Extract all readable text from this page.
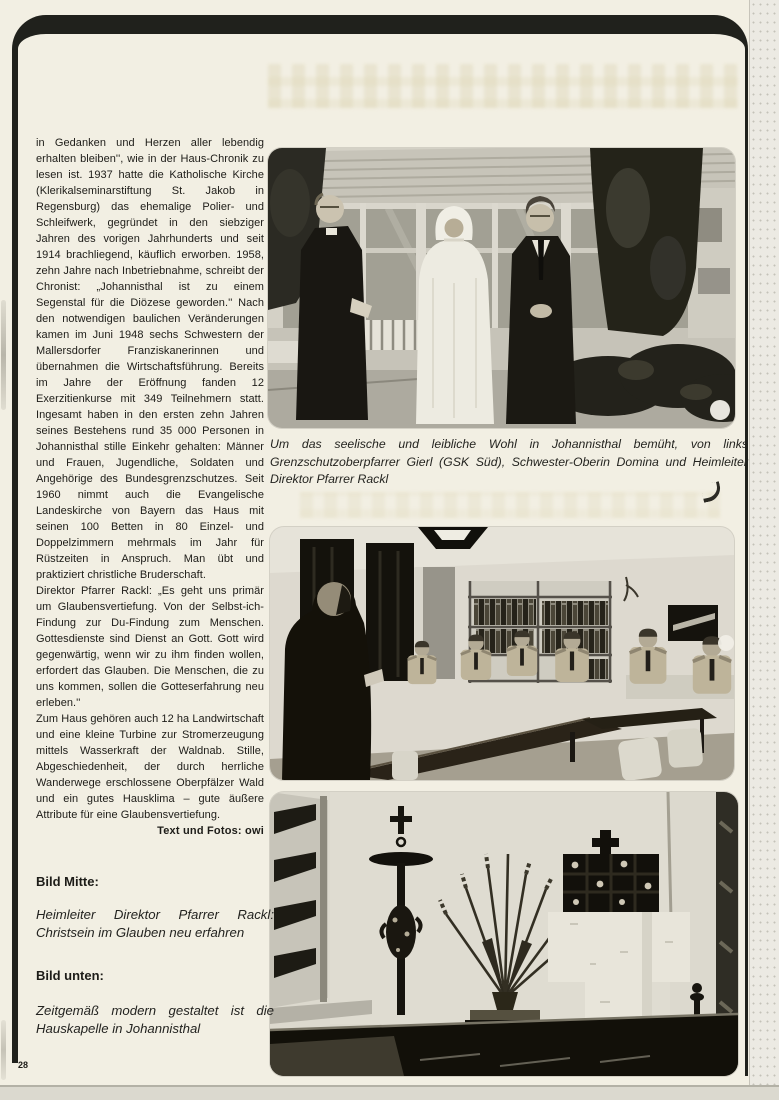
in Gedanken und Herzen aller lebendig erhalten bleiben'', wie in der Haus-Chronik zu lesen ist. 1937 hatte die Katholische Kirche (Klerikalseminarstiftung St. Jakob in Regensburg) das ehemalige Polier- und Schleifwerk, gegründet in den siebziger Jahren des vorigen Jahrhunderts und seit 1914 brachliegend, käuflich erworben. 1958, zehn Jahre nach Inbetriebnahme, schreibt der Chronist: „Johannisthal ist zu einem Segenstal für die Diözese geworden.'' Nach den notwendigen baulichen Veränderungen kamen im Juni 1948 sechs Schwestern der Mallersdorfer Franziskanerinnen und übernahmen die Wirtschaftsführung. Bereits im Jahre der Eröffnung fanden 12 Exerzitienkurse mit 349 Teilnehmern statt. Ingesamt haben in den ersten zehn Jahren seines Bestehens rund 35 000 Personen in Johannisthal stille Einkehr gehalten: Männer und Frauen, Jugendliche, Soldaten und Angehörige des Bundesgrenzschutzes. Seit 1960 nimmt auch die Evangelische Landeskirche von Bayern das Haus mit seinen 100 Betten in 80 Einzel- und Doppelzimmern mehrmals im Jahr für Rüstzeiten in Anspruch. Man übt und praktiziert christliche Bruderschaft.

Direktor Pfarrer Rackl: „Es geht uns primär um Glaubensvertiefung. Von der Selbst-ich-Findung zur Du-Findung zum Menschen. Gottesdienste sind Dienst an Gott. Gott wird gegenwärtig, wenn wir zu ihm finden wollen, erfordert das Glauben. Die Menschen, die zu uns kommen, sollen die Gotteserfahrung neu erleben.''

Zum Haus gehören auch 12 ha Landwirtschaft und eine kleine Turbine zur Stromerzeugung mittels Wasserkraft der Waldnab. Stille, Abgeschiedenheit, der durch herrliche Wanderwege erschlossene Oberpfälzer Wald und ein gutes Hausklima – gute äußere Attribute für eine Glaubensvertiefung.

Text und Fotos: owi

Um das seelische und leibliche Wohl in Johannisthal bemüht, von links Grenzschutzoberpfarrer Gierl (GSK Süd), Schwester-Oberin Domina und Heimleiter Direktor Pfarrer Rackl
Bild Mitte:
Heimleiter Direktor Pfarrer Rackl: Christsein im Glauben neu erfahren
Bild unten:
Zeitgemäß modern gestaltet ist die Hauskapelle in Johannisthal
28
